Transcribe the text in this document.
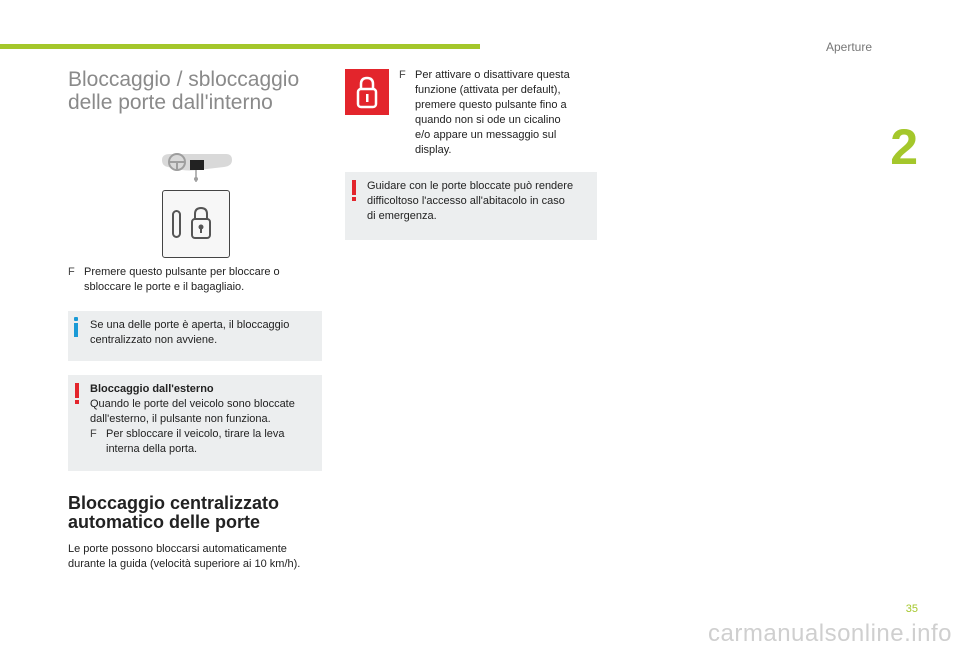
Aperture
2
Bloccaggio / sbloccaggio
delle porte dall'interno
F Premere questo pulsante per bloccare o
sbloccare le porte e il bagagliaio.
Se una delle porte è aperta, il bloccaggio
centralizzato non avviene.
Bloccaggio dall'esterno
Quando le porte del veicolo sono bloccate
dall'esterno, il pulsante non funziona.
F Per sbloccare il veicolo, tirare la leva
interna della porta.
Bloccaggio centralizzato
automatico delle porte
Le porte possono bloccarsi automaticamente
durante la guida (velocità superiore ai 10 km/h).
F Per attivare o disattivare questa
funzione (attivata per default),
premere questo pulsante fino a
quando non si ode un cicalino
e/o appare un messaggio sul
display.
Guidare con le porte bloccate può rendere
difficoltoso l'accesso all'abitacolo in caso
di emergenza.
35
carmanualsonline.info
